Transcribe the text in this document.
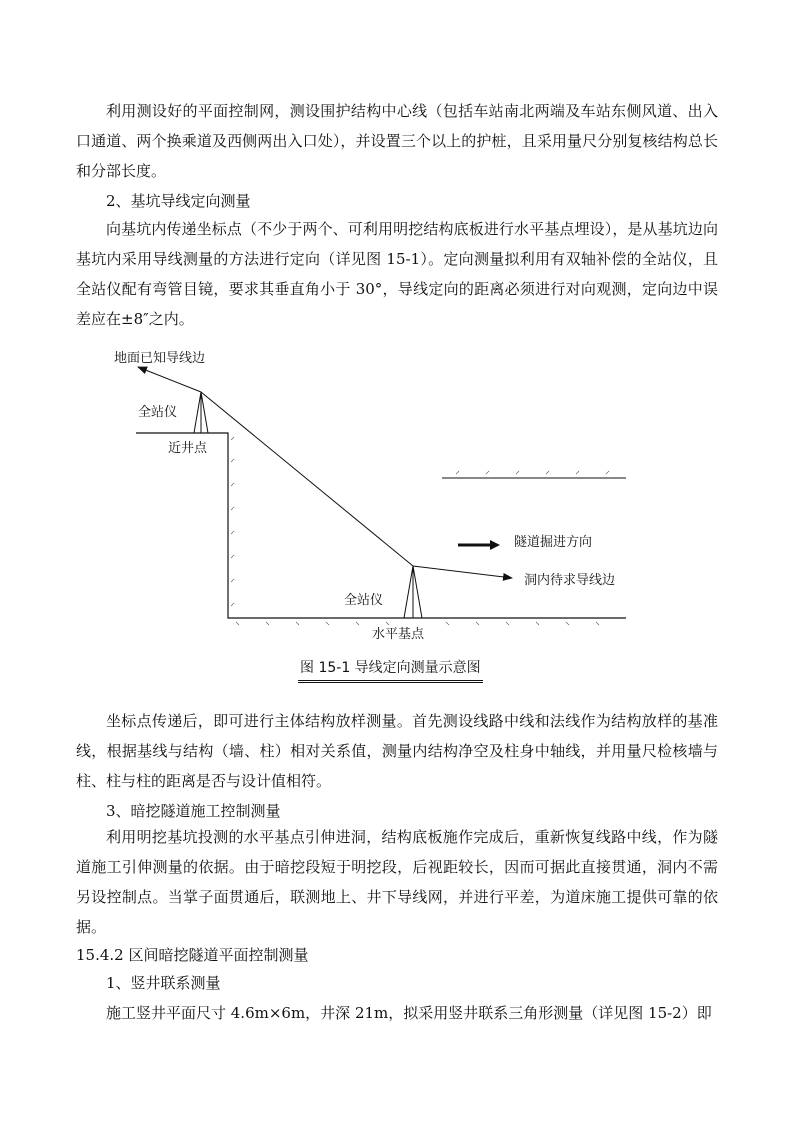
利用测设好的平面控制网，测设围护结构中心线（包括车站南北两端及车站东侧风道、出入口通道、两个换乘道及西侧两出入口处），并设置三个以上的护桩，且采用量尺分别复核结构总长和分部长度。
2、基坑导线定向测量
向基坑内传递坐标点（不少于两个、可利用明挖结构底板进行水平基点埋设），是从基坑边向基坑内采用导线测量的方法进行定向（详见图 15-1）。定向测量拟利用有双轴补偿的全站仪，且全站仪配有弯管目镜，要求其垂直角小于 30°，导线定向的距离必须进行对向观测，定向边中误差应在±8″之内。
地面已知导线边
全站仪
近井点
隧道掘进方向
洞内待求导线边
全站仪
水平基点
图 15-1 导线定向测量示意图
坐标点传递后，即可进行主体结构放样测量。首先测设线路中线和法线作为结构放样的基准线，根据基线与结构（墙、柱）相对关系值，测量内结构净空及柱身中轴线，并用量尺检核墙与柱、柱与柱的距离是否与设计值相符。
3、暗挖隧道施工控制测量
利用明挖基坑投测的水平基点引伸进洞，结构底板施作完成后，重新恢复线路中线，作为隧道施工引伸测量的依据。由于暗挖段短于明挖段，后视距较长，因而可据此直接贯通，洞内不需另设控制点。当掌子面贯通后，联测地上、井下导线网，并进行平差，为道床施工提供可靠的依据。
15.4.2 区间暗挖隧道平面控制测量
1、竖井联系测量
施工竖井平面尺寸 4.6m×6m，井深 21m，拟采用竖井联系三角形测量（详见图 15-2）即
